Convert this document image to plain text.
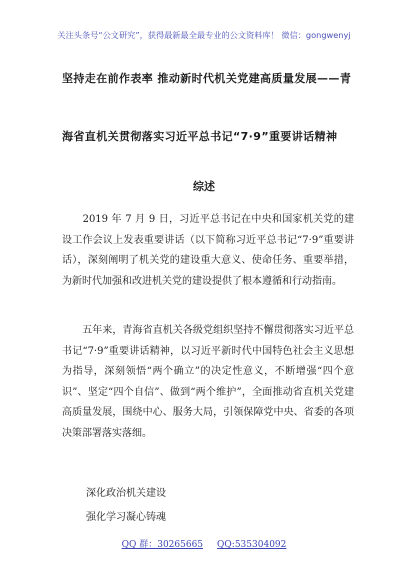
关注头条号“公文研究”，获得最新最全最专业的公文资料库！ 微信：gongwenyj
坚持走在前作表率 推动新时代机关党建高质量发展——青
海省直机关贯彻落实习近平总书记“7·9”重要讲话精神
综述
　　2019 年 7 月 9 日，习近平总书记在中央和国家机关党的建设工作会议上发表重要讲话（以下简称习近平总书记“7·9”重要讲话），深刻阐明了机关党的建设重大意义、使命任务、重要举措，为新时代加强和改进机关党的建设提供了根本遵循和行动指南。
　　五年来，青海省直机关各级党组织坚持不懈贯彻落实习近平总书记“7·9”重要讲话精神，以习近平新时代中国特色社会主义思想为指导，深刻领悟“两个确立”的决定性意义，不断增强“四个意识”、坚定“四个自信”、做到“两个维护”，全面推动省直机关党建高质量发展，围绕中心、服务大局，引领保障党中央、省委的各项决策部署落实落细。
深化政治机关建设
强化学习凝心铸魂
QQ 群：30265665 QQ:535304092
